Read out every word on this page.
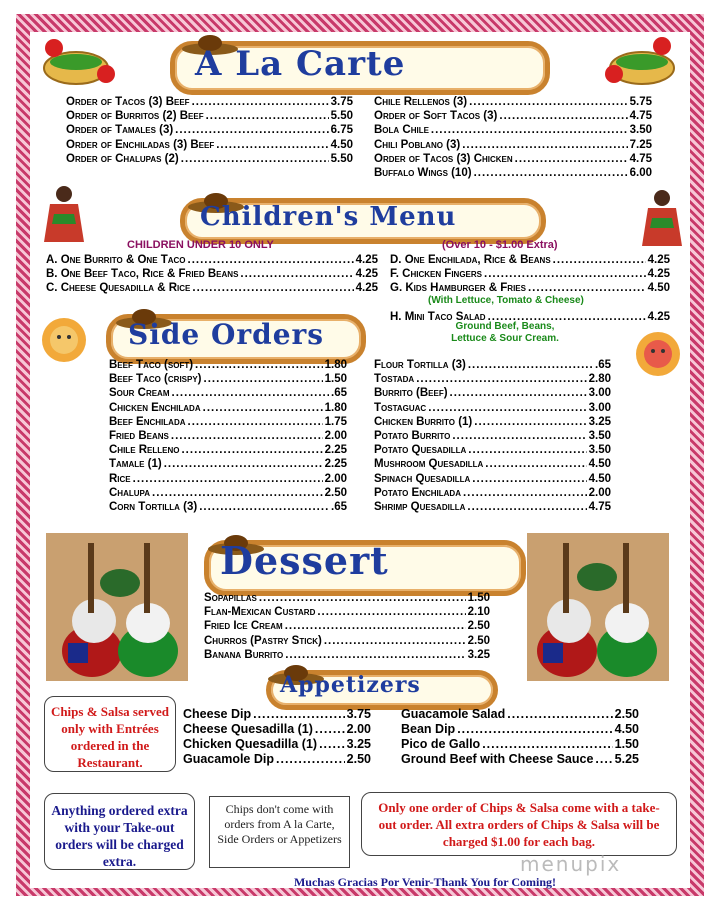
A La Carte
Order of Tacos (3) Beef .....	3.75
Order of Burritos (2) Beef .....	5.50
Order of Tamales (3) .....	6.75
Order of Enchiladas (3) Beef .....	4.50
Order of Chalupas (2) .....	5.50
Chile Rellenos (3) .....	5.75
Order of Soft Tacos (3) .....	4.75
Bola Chile .....	3.50
Chili Poblano (3) .....	7.25
Order of Tacos (3) Chicken .....	4.75
Buffalo Wings (10) .....	6.00
Children's Menu
CHILDREN UNDER 10 ONLY	(Over 10 - $1.00 Extra)
A. One Burrito & One Taco .....	4.25
B. One Beef Taco, Rice & Fried Beans .....	4.25
C. Cheese Quesadilla & Rice .....	4.25
D. One Enchilada, Rice & Beans .....	4.25
F. Chicken Fingers .....	4.25
G. Kids Hamburger & Fries .....	4.50
H. Mini Taco Salad .....	4.25
(With Lettuce, Tomato & Cheese)
Ground Beef, Beans, Lettuce & Sour Cream.
Side Orders
Beef Taco (soft) .....	1.80
Beef Taco (crispy) .....	1.50
Sour Cream .....	.65
Chicken Enchilada .....	1.80
Beef Enchilada .....	1.75
Fried Beans .....	2.00
Chile Relleno .....	2.25
Tamale (1) .....	2.25
Rice .....	2.00
Chalupa .....	2.50
Corn Tortilla (3) .....	.65
Flour Tortilla (3) .....	.65
Tostada .....	2.80
Burrito (Beef) .....	3.00
Tostaguac .....	3.00
Chicken Burrito (1) .....	3.25
Potato Burrito .....	3.50
Potato Quesadilla .....	3.50
Mushroom Quesadilla .....	4.50
Spinach Quesadilla .....	4.50
Potato Enchilada .....	2.00
Shrimp Quesadilla .....	4.75
Dessert
Sopapillas .....	1.50
Flan-Mexican Custard .....	2.10
Fried Ice Cream .....	2.50
Churros (Pastry Stick) .....	2.50
Banana Burrito .....	3.25
Appetizers
Cheese Dip .....	3.75
Cheese Quesadilla (1) .....	2.00
Chicken Quesadilla (1) ..... 3.25
Guacamole Dip .....	2.50
Guacamole Salad .....	2.50
Bean Dip .....	4.50
Pico de Gallo .....	1.50
Ground Beef with Cheese Sauce ..... 5.25
Chips & Salsa served only with Entrées ordered in the Restaurant.
Anything ordered extra with your Take-out orders will be charged extra.
Chips don't come with orders from A la Carte, Side Orders or Appetizers
Only one order of Chips & Salsa come with a take-out order. All extra orders of Chips & Salsa will be charged $1.00 for each bag.
Muchas Gracias Por Venir-Thank You for Coming!
menupix
